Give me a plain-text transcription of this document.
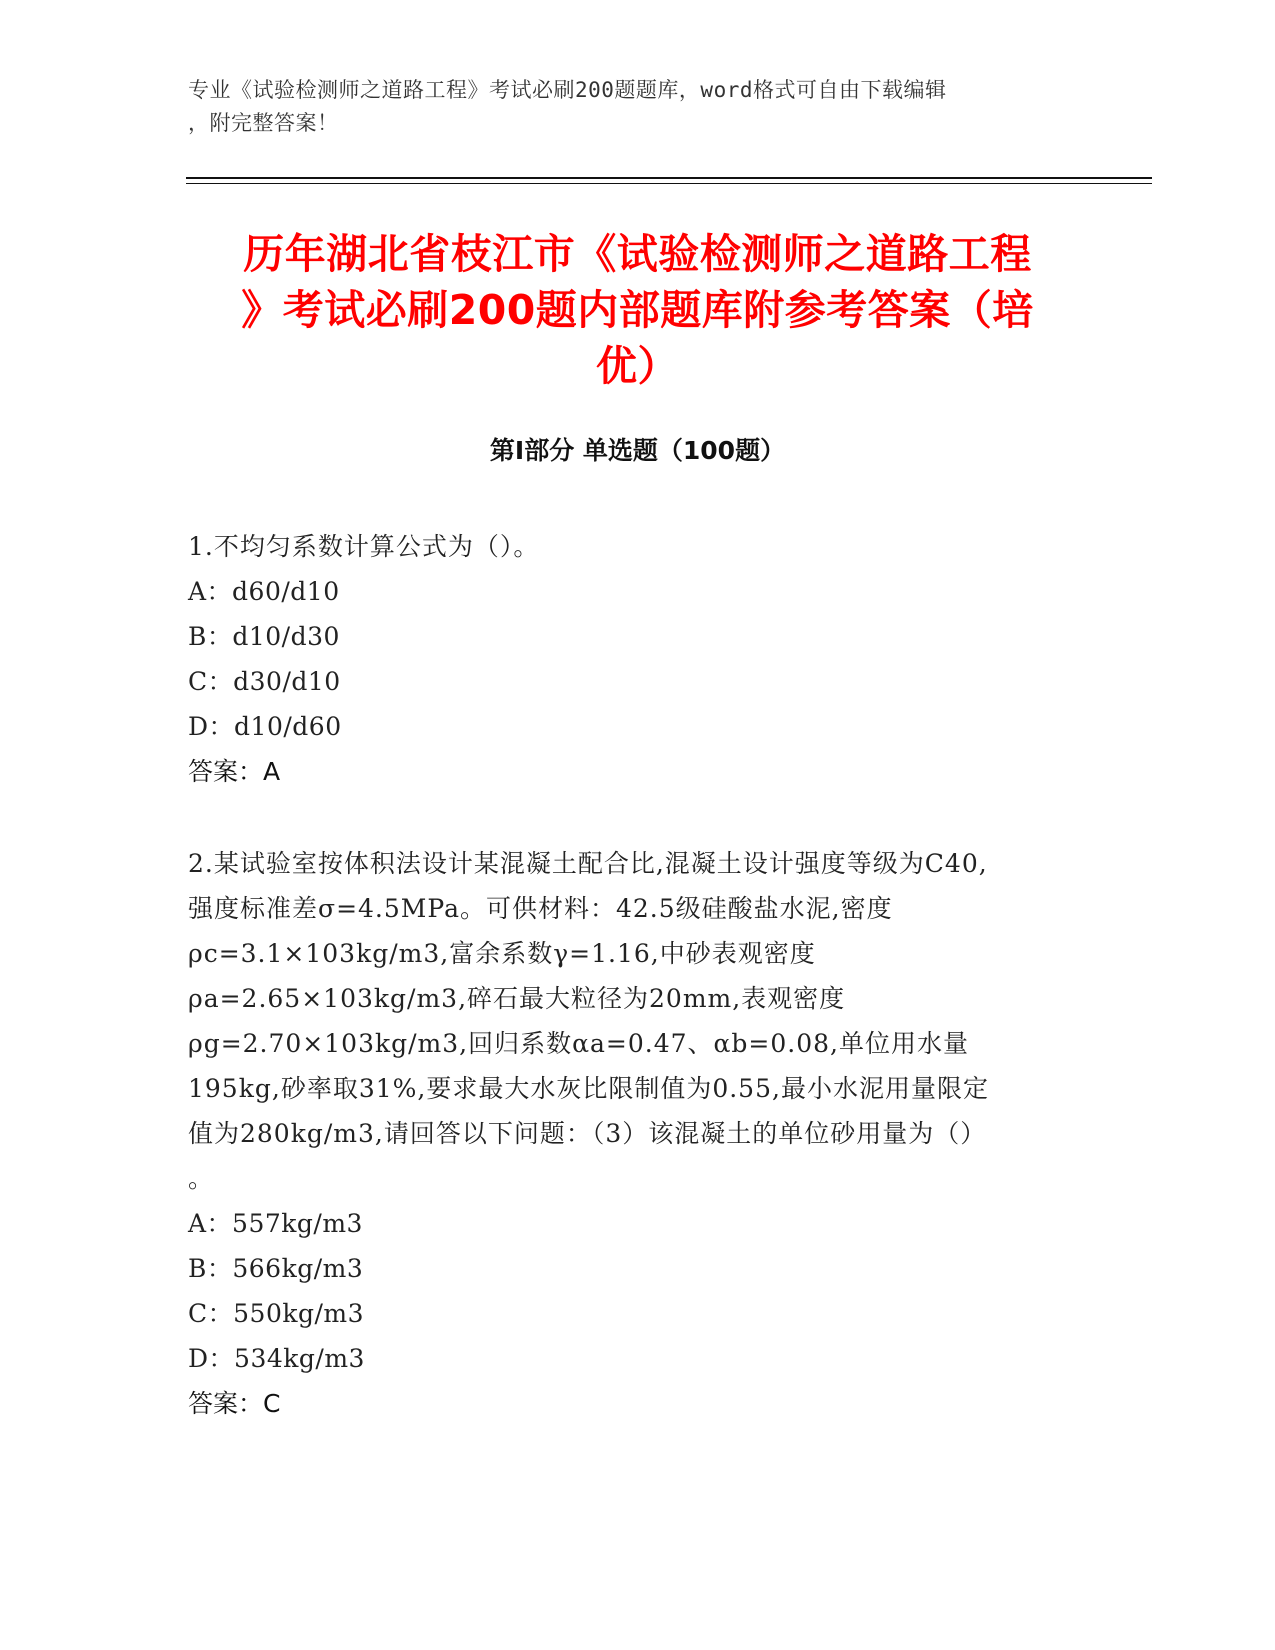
专业《试验检测师之道路工程》考试必刷200题题库，word格式可自由下载编辑
，附完整答案！
历年湖北省枝江市《试验检测师之道路工程
》考试必刷200题内部题库附参考答案（培
优）
第Ⅰ部分 单选题（100题）

1.不均匀系数计算公式为（）。

A：d60/d10

B：d10/d30

C：d30/d10

D：d10/d60

答案：A

2.某试验室按体积法设计某混凝土配合比,混凝土设计强度等级为C40,

强度标准差σ=4.5MPa。可供材料：42.5级硅酸盐水泥,密度

ρc=3.1×103kg/m3,富余系数γ=1.16,中砂表观密度

ρa=2.65×103kg/m3,碎石最大粒径为20mm,表观密度

ρg=2.70×103kg/m3,回归系数αa=0.47、αb=0.08,单位用水量

195kg,砂率取31%,要求最大水灰比限制值为0.55,最小水泥用量限定

值为280kg/m3,请回答以下问题：（3）该混凝土的单位砂用量为（）

。

A：557kg/m3

B：566kg/m3

C：550kg/m3

D：534kg/m3

答案：C
